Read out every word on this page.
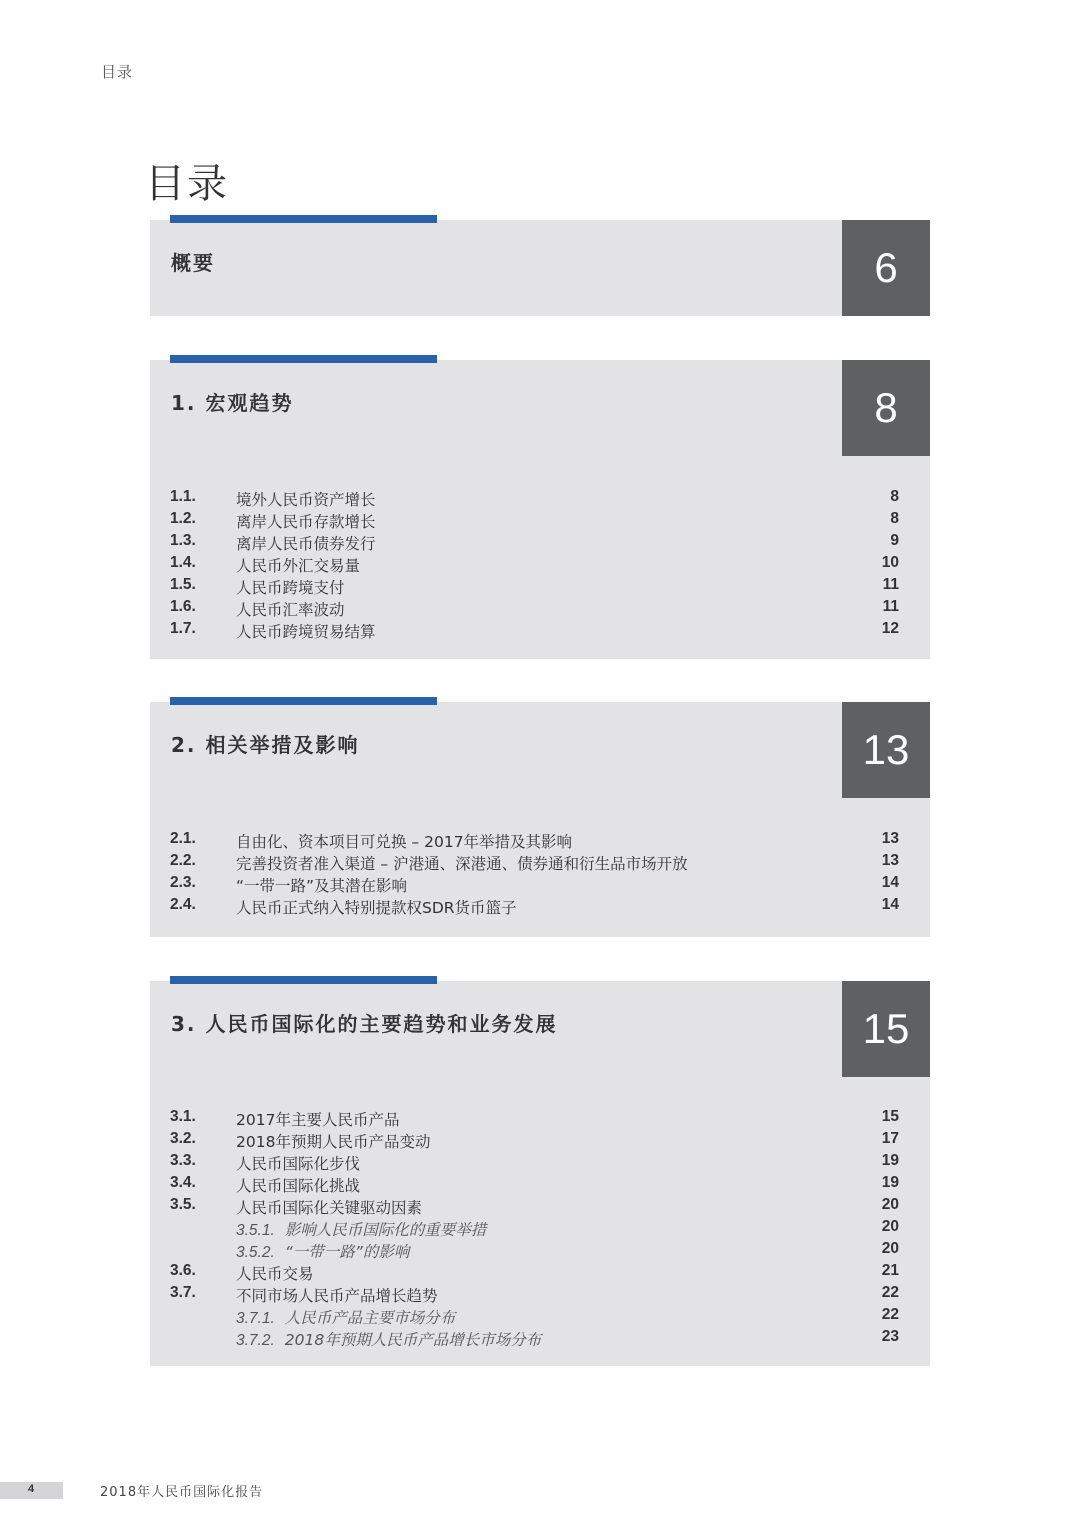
目录
目录
概要	6
1. 宏观趋势	8
1.1.	境外人民币资产增长	8
1.2.	离岸人民币存款增长	8
1.3.	离岸人民币债券发行	9
1.4.	人民币外汇交易量	10
1.5.	人民币跨境支付	11
1.6.	人民币汇率波动	11
1.7.	人民币跨境贸易结算	12
2. 相关举措及影响	13
2.1.	自由化、资本项目可兑换 – 2017年举措及其影响	13
2.2.	完善投资者准入渠道 – 沪港通、深港通、债券通和衍生品市场开放	13
2.3.	“一带一路”及其潜在影响	14
2.4.	人民币正式纳入特别提款权SDR货币篮子	14
3. 人民币国际化的主要趋势和业务发展	15
3.1.	2017年主要人民币产品	15
3.2.	2018年预期人民币产品变动	17
3.3.	人民币国际化步伐	19
3.4.	人民币国际化挑战	19
3.5.	人民币国际化关键驱动因素	20
3.5.1. 影响人民币国际化的重要举措	20
3.5.2. “一带一路”的影响	20
3.6.	人民币交易	21
3.7.	不同市场人民币产品增长趋势	22
3.7.1. 人民币产品主要市场分布	22
3.7.2. 2018年预期人民币产品增长市场分布	23
4	2018年人民币国际化报告
